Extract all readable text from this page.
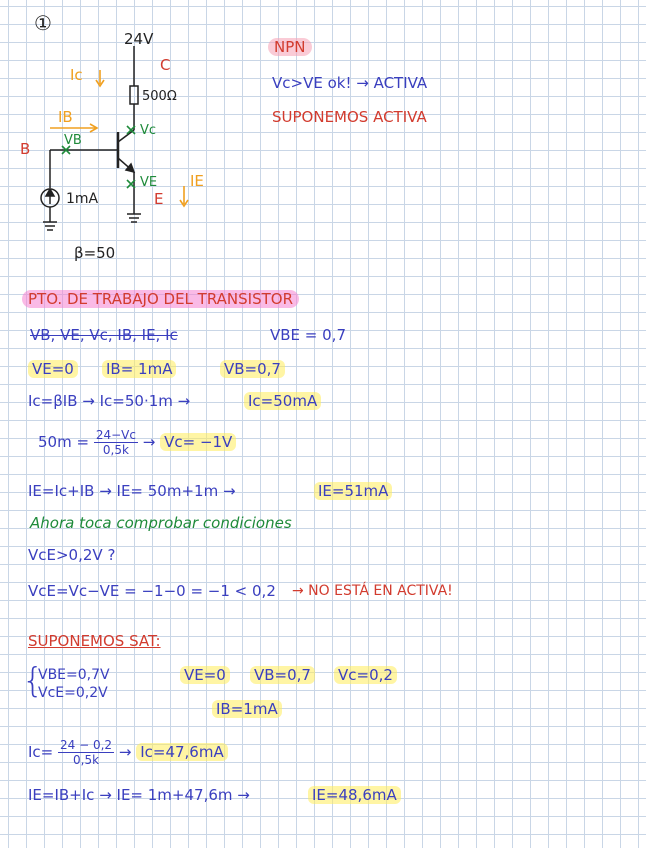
①
24V
C
Ic
500Ω
IB
Vc
B	VB
VE IE
E
1mA
β=50
NPN
Vc>VE ok! → ACTIVA
SUPONEMOS ACTIVA
PTO. DE TRABAJO DEL TRANSISTOR
VB, VE, Vc, IB, IE, Ic	VBE = 0,7
VE=0 IB= 1mA	VB=0,7
Ic=βIB → Ic=50·1m →	Ic=50mA
$50m = \frac{24-Vc}{0,5k} \to Vc= -1V$
IE=Ic+IB → IE= 50m+1m →	IE=51mA
Ahora toca comprobar condiciones
VcE>0,2V ?
VcE=Vc−VE = −1−0 = −1 < 0,2 → NO ESTÁ EN ACTIVA!
SUPONEMOS SAT:
{
VBE=0,7V
VcE=0,2V
VE=0 VB=0,7 Vc=0,2
IB=1mA
$Ic= \frac{24 - 0,2}{0,5k} \to Ic=47,6mA$
IE=IB+Ic → IE= 1m+47,6m →	IE=48,6mA
